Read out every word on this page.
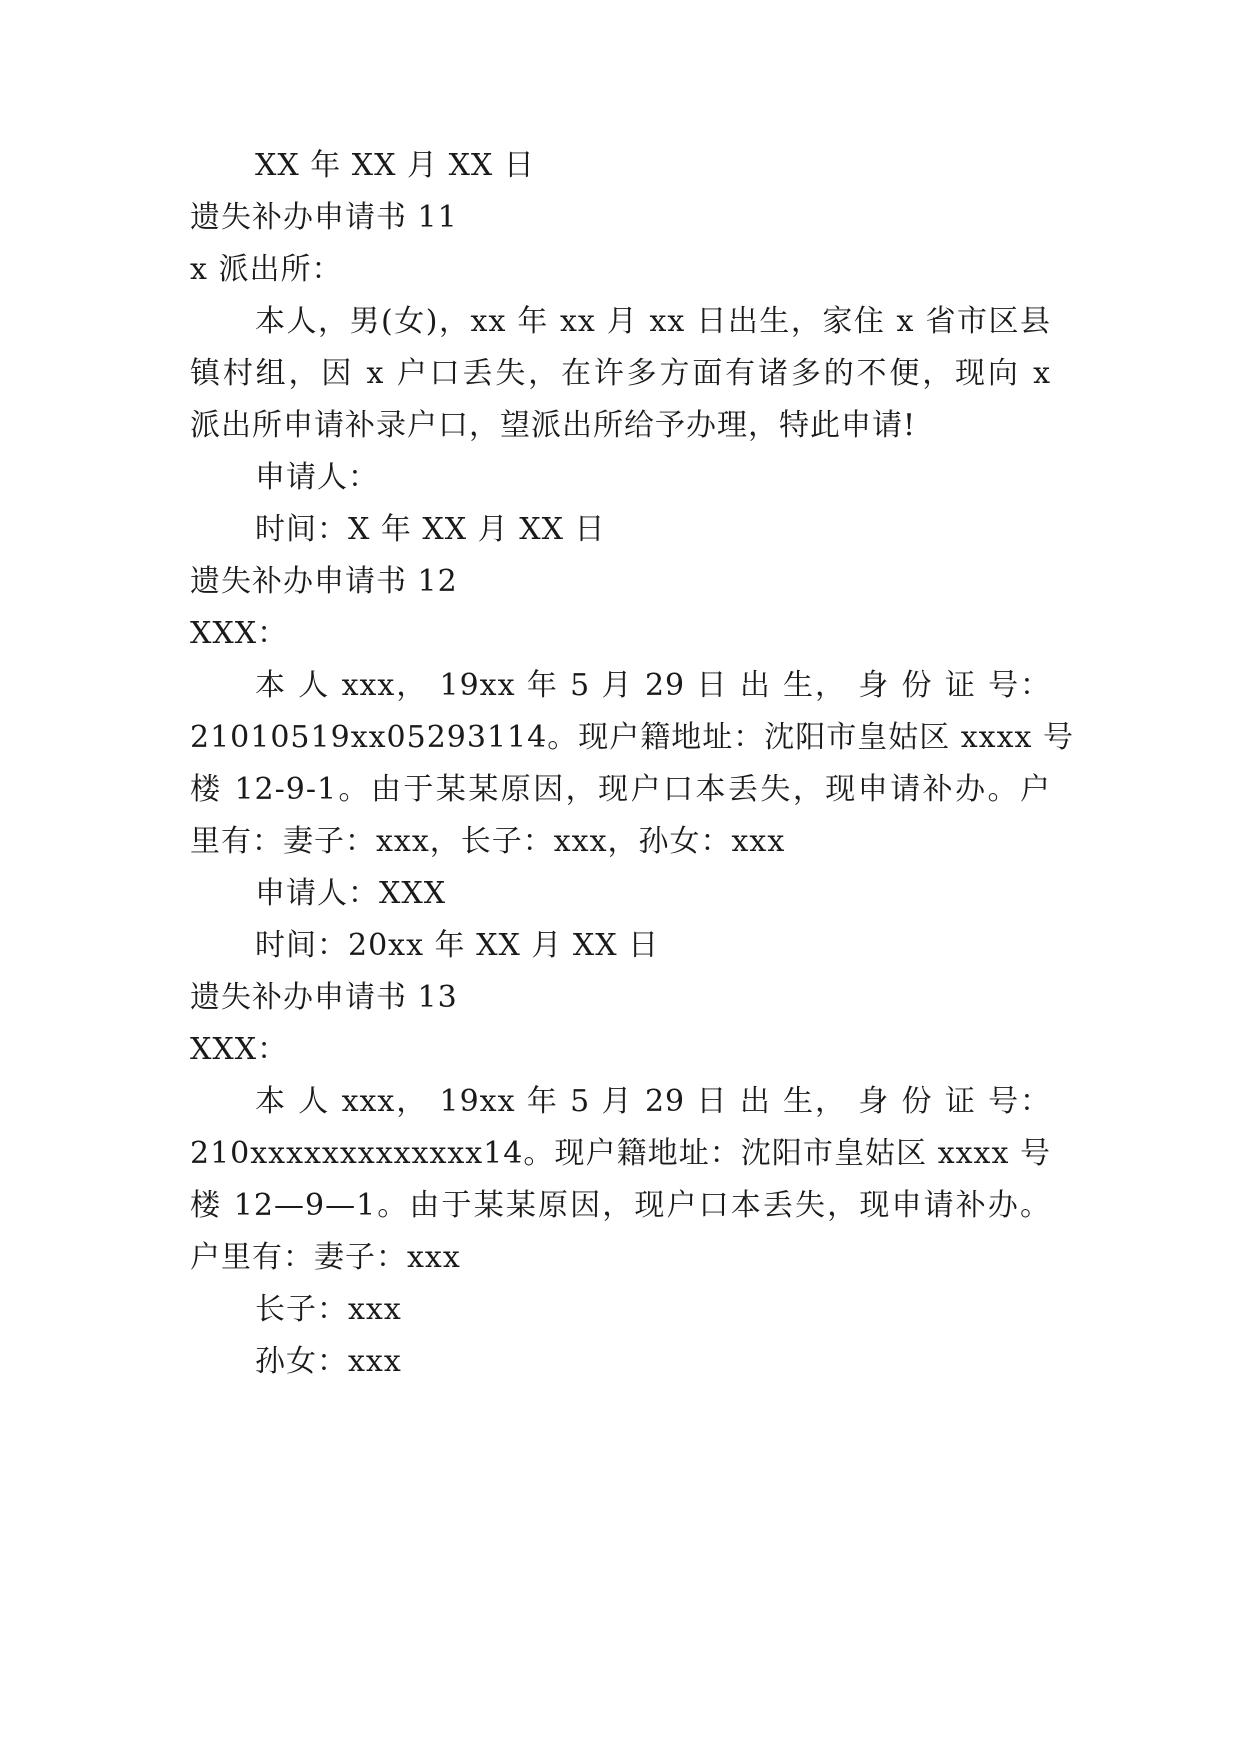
XX 年 XX 月 XX 日
遗失补办申请书 11
x 派出所：
本人，男(女)，xx 年 xx 月 xx 日出生，家住 x 省市区县
镇村组，因 x 户口丢失，在许多方面有诸多的不便，现向 x
派出所申请补录户口，望派出所给予办理，特此申请!
申请人：
时间：X 年 XX 月 XX 日
遗失补办申请书 12
XXX：
本 人 xxx， 19xx 年 5 月 29 日 出 生， 身 份 证 号：
21010519xx05293114。现户籍地址：沈阳市皇姑区 xxxx 号
楼 12-9-1。由于某某原因，现户口本丢失，现申请补办。户
里有：妻子：xxx，长子：xxx，孙女：xxx
申请人：XXX
时间：20xx 年 XX 月 XX 日
遗失补办申请书 13
XXX：
本 人 xxx， 19xx 年 5 月 29 日 出 生， 身 份 证 号：
210xxxxxxxxxxxxx14。现户籍地址：沈阳市皇姑区 xxxx 号
楼 12—9—1。由于某某原因，现户口本丢失，现申请补办。
户里有：妻子：xxx
长子：xxx
孙女：xxx
